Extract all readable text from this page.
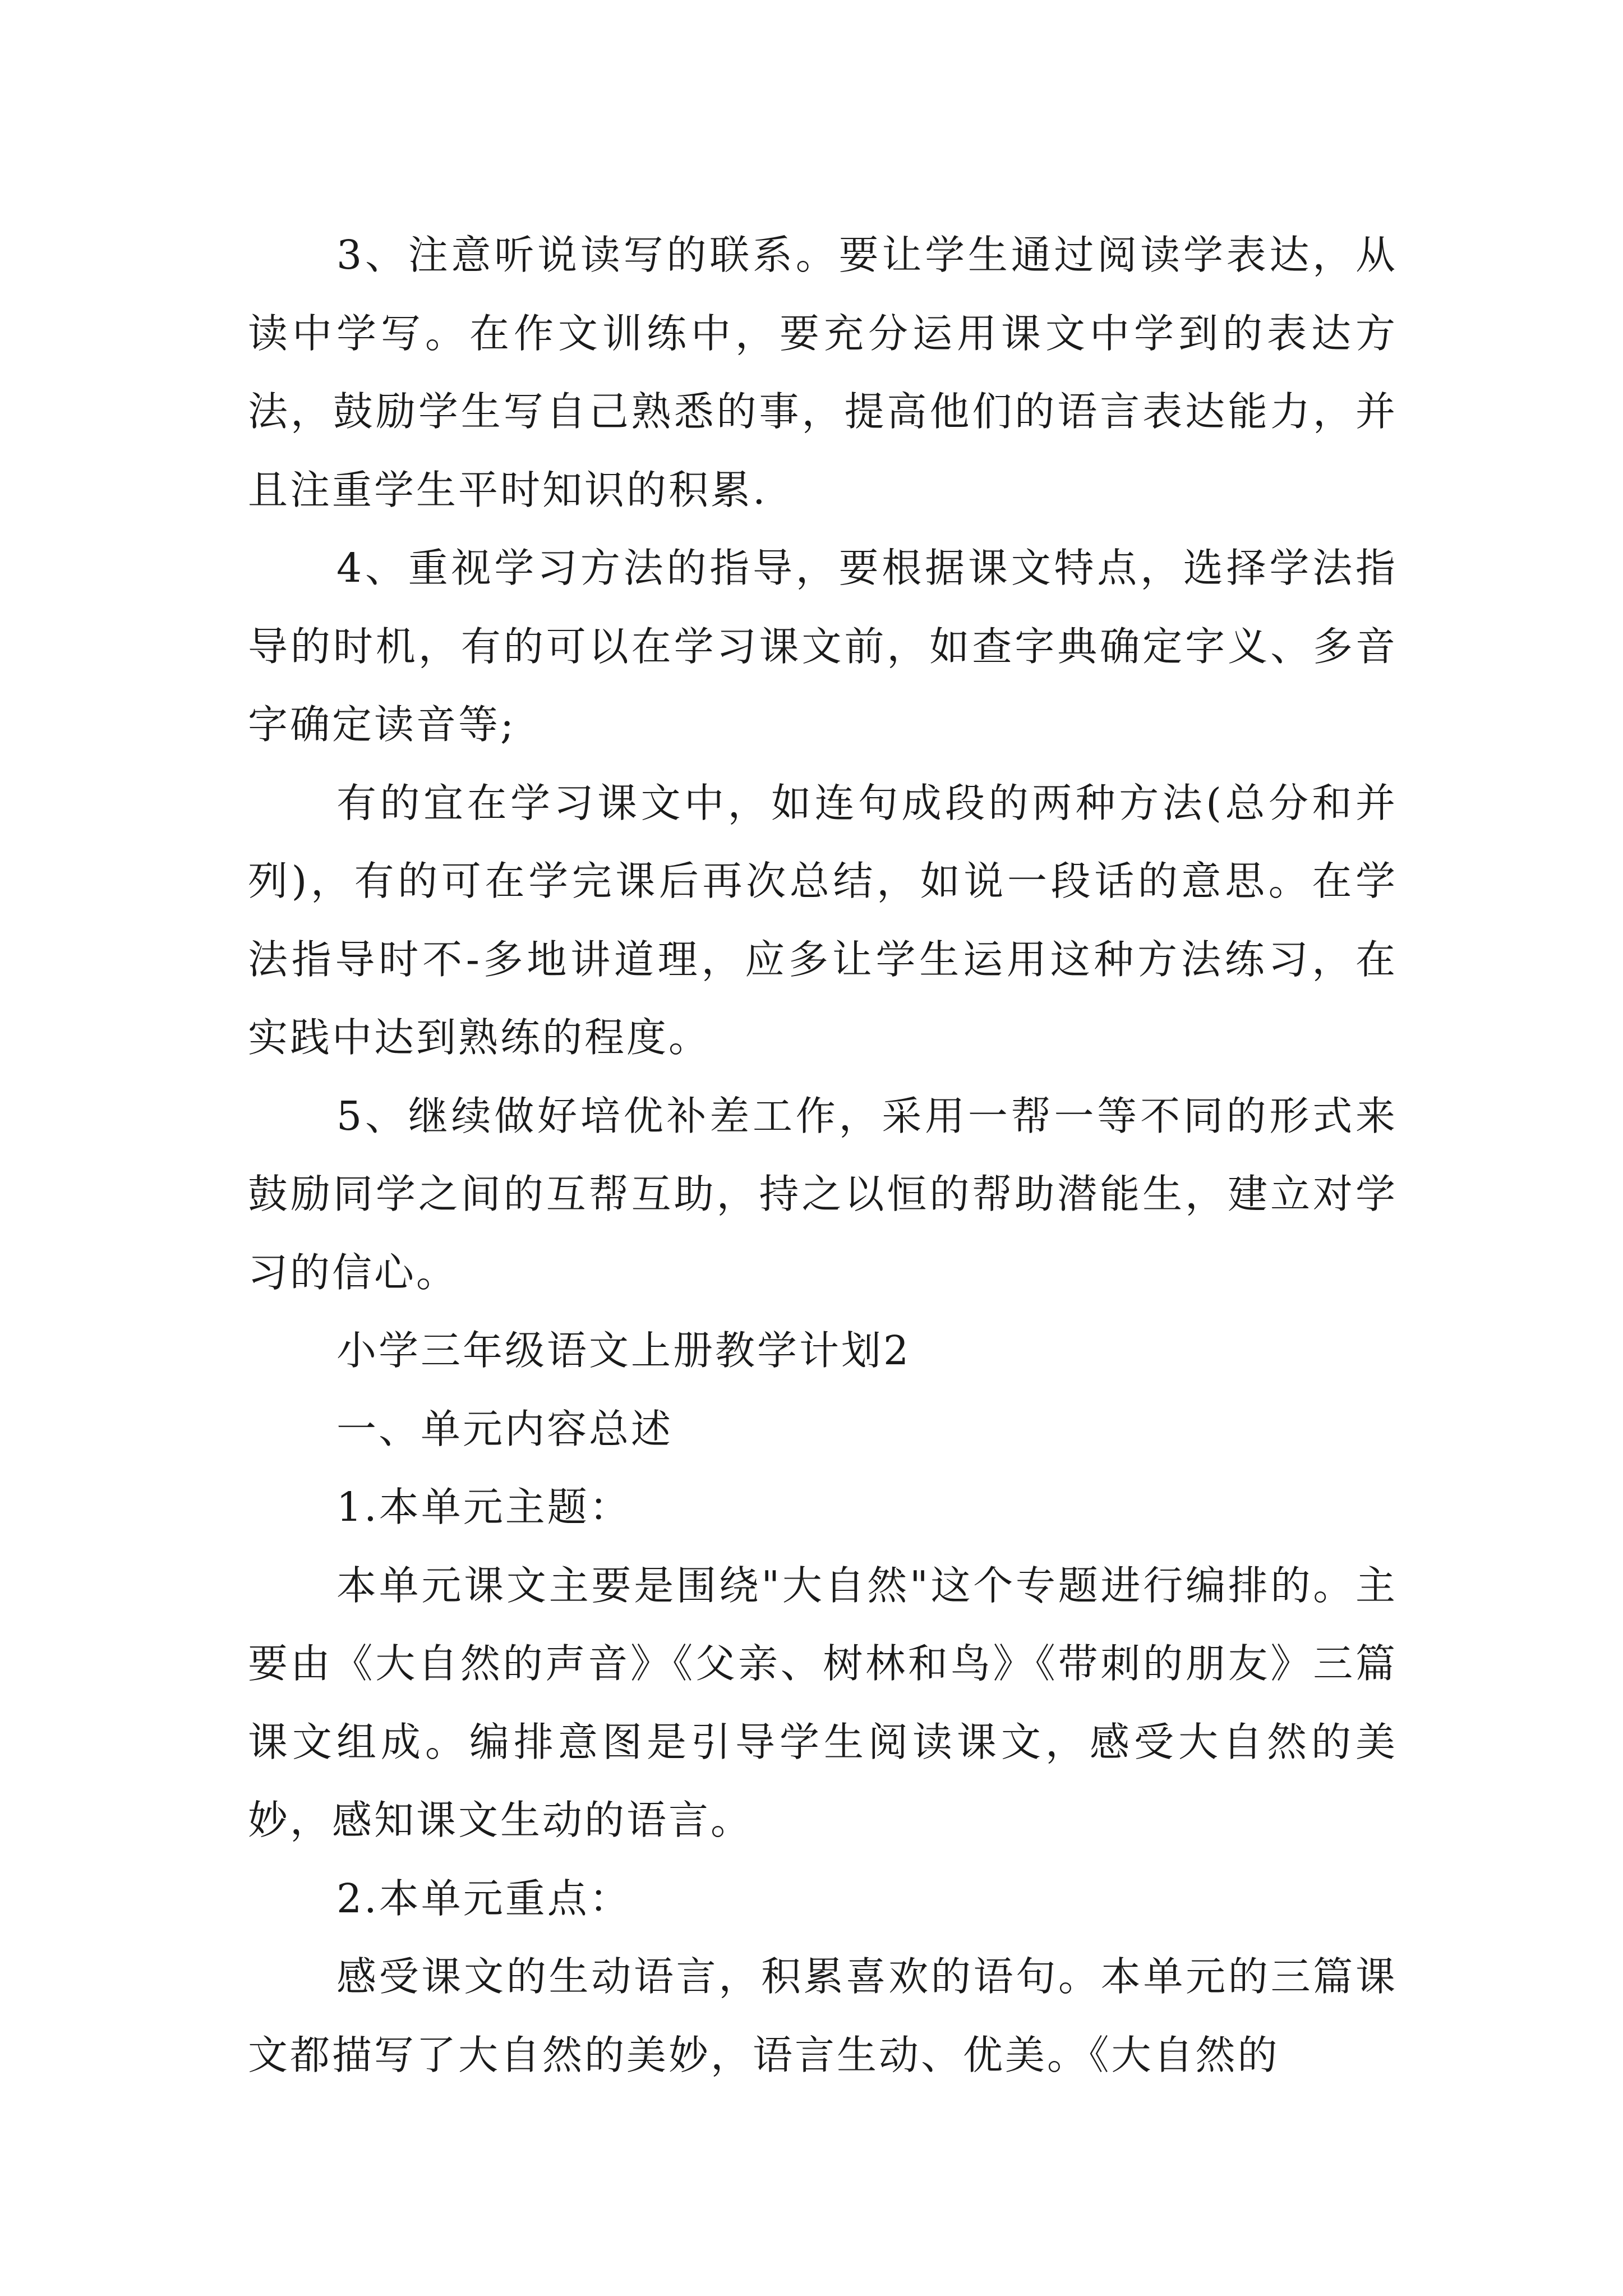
3、注意听说读写的联系。要让学生通过阅读学表达，从读中学写。在作文训练中，要充分运用课文中学到的表达方法，鼓励学生写自己熟悉的事，提高他们的语言表达能力，并且注重学生平时知识的积累.

4、重视学习方法的指导，要根据课文特点，选择学法指导的时机，有的可以在学习课文前，如查字典确定字义、多音字确定读音等;

有的宜在学习课文中，如连句成段的两种方法(总分和并列)，有的可在学完课后再次总结，如说一段话的意思。在学法指导时不-多地讲道理，应多让学生运用这种方法练习，在实践中达到熟练的程度。

5、继续做好培优补差工作，采用一帮一等不同的形式来鼓励同学之间的互帮互助，持之以恒的帮助潜能生，建立对学习的信心。

小学三年级语文上册教学计划2

一、单元内容总述

1.本单元主题：

本单元课文主要是围绕"大自然"这个专题进行编排的。主要由《大自然的声音》《父亲、树林和鸟》《带刺的朋友》三篇课文组成。编排意图是引导学生阅读课文，感受大自然的美妙，感知课文生动的语言。

2.本单元重点：

感受课文的生动语言，积累喜欢的语句。本单元的三篇课文都描写了大自然的美妙，语言生动、优美。《大自然的
